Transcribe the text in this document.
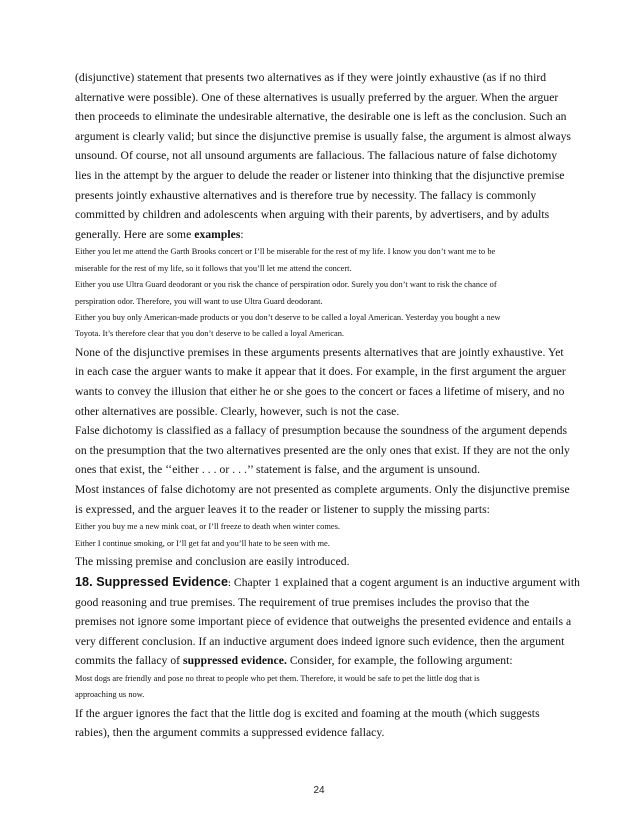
(disjunctive) statement that presents two alternatives as if they were jointly exhaustive (as if no third
alternative were possible). One of these alternatives is usually preferred by the arguer. When the arguer
then proceeds to eliminate the undesirable alternative, the desirable one is left as the conclusion. Such an
argument is clearly valid; but since the disjunctive premise is usually false, the argument is almost always
unsound. Of course, not all unsound arguments are fallacious. The fallacious nature of false dichotomy
lies in the attempt by the arguer to delude the reader or listener into thinking that the disjunctive premise
presents jointly exhaustive alternatives and is therefore true by necessity. The fallacy is commonly
committed by children and adolescents when arguing with their parents, by advertisers, and by adults
generally. Here are some examples:
Either you let me attend the Garth Brooks concert or I’ll be miserable for the rest of my life. I know you don’t want me to be
miserable for the rest of my life, so it follows that you’ll let me attend the concert.
Either you use Ultra Guard deodorant or you risk the chance of perspiration odor. Surely you don’t want to risk the chance of
perspiration odor. Therefore, you will want to use Ultra Guard deodorant.
Either you buy only American-made products or you don’t deserve to be called a loyal American. Yesterday you bought a new
Toyota. It’s therefore clear that you don’t deserve to be called a loyal American.
None of the disjunctive premises in these arguments presents alternatives that are jointly exhaustive. Yet
in each case the arguer wants to make it appear that it does. For example, in the first argument the arguer
wants to convey the illusion that either he or she goes to the concert or faces a lifetime of misery, and no
other alternatives are possible. Clearly, however, such is not the case.
False dichotomy is classified as a fallacy of presumption because the soundness of the argument depends
on the presumption that the two alternatives presented are the only ones that exist. If they are not the only
ones that exist, the ‘‘either . . . or . . .’’ statement is false, and the argument is unsound.
Most instances of false dichotomy are not presented as complete arguments. Only the disjunctive premise
is expressed, and the arguer leaves it to the reader or listener to supply the missing parts:
Either you buy me a new mink coat, or I’ll freeze to death when winter comes.
Either I continue smoking, or I’ll get fat and you’ll hate to be seen with me.
The missing premise and conclusion are easily introduced.
18. Suppressed Evidence: Chapter 1 explained that a cogent argument is an inductive argument with
good reasoning and true premises. The requirement of true premises includes the proviso that the
premises not ignore some important piece of evidence that outweighs the presented evidence and entails a
very different conclusion. If an inductive argument does indeed ignore such evidence, then the argument
commits the fallacy of suppressed evidence. Consider, for example, the following argument:
Most dogs are friendly and pose no threat to people who pet them. Therefore, it would be safe to pet the little dog that is
approaching us now.
If the arguer ignores the fact that the little dog is excited and foaming at the mouth (which suggests
rabies), then the argument commits a suppressed evidence fallacy.
24
